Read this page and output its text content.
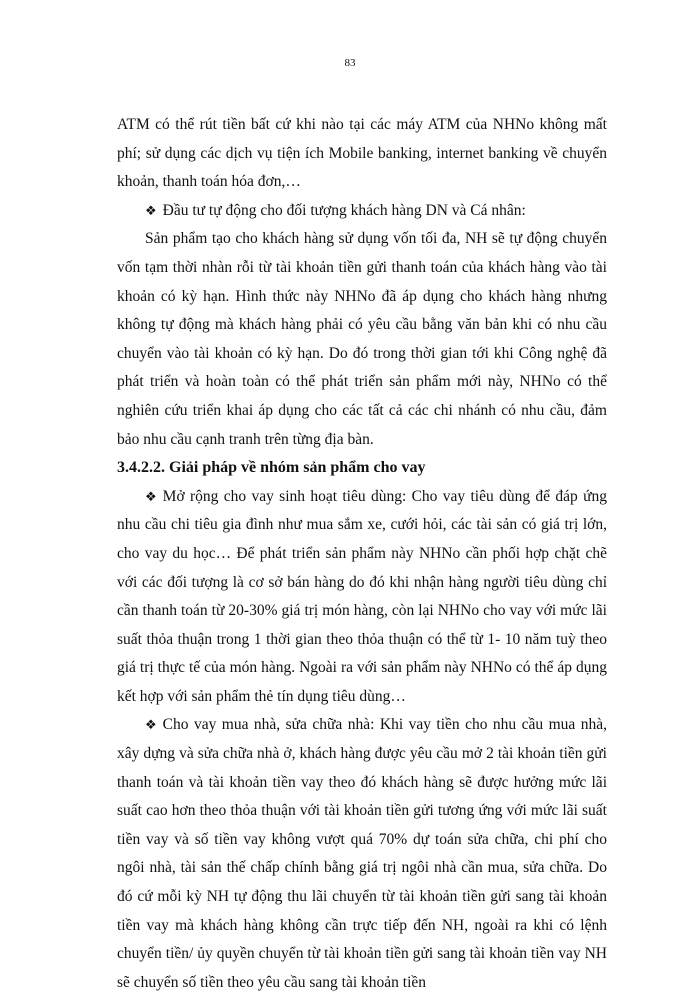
83

ATM có thể rút tiền bất cứ khi nào tại các máy ATM của NHNo không mất phí; sử dụng các dịch vụ tiện ích Mobile banking, internet banking về chuyển khoản, thanh toán hóa đơn,…

❖ Đầu tư tự động cho đối tượng khách hàng DN và Cá nhân:

Sản phẩm tạo cho khách hàng sử dụng vốn tối đa, NH sẽ tự động chuyển vốn tạm thời nhàn rỗi từ tài khoản tiền gửi thanh toán của khách hàng vào tài khoản có kỳ hạn. Hình thức này NHNo đã áp dụng cho khách hàng nhưng không tự động mà khách hàng phải có yêu cầu bằng văn bản khi có nhu cầu chuyển vào tài khoản có kỳ hạn. Do đó trong thời gian tới khi Công nghệ đã phát triển và hoàn toàn có thể phát triển sản phẩm mới này, NHNo có thể nghiên cứu triển khai áp dụng cho các tất cả các chi nhánh có nhu cầu, đảm bảo nhu cầu cạnh tranh trên từng địa bàn.

3.4.2.2. Giải pháp về nhóm sản phẩm cho vay

❖ Mở rộng cho vay sinh hoạt tiêu dùng: Cho vay tiêu dùng để đáp ứng nhu cầu chi tiêu gia đình như mua sắm xe, cưới hỏi, các tài sản có giá trị lớn, cho vay du học… Để phát triển sản phẩm này NHNo cần phối hợp chặt chẽ với các đối tượng là cơ sở bán hàng do đó khi nhận hàng người tiêu dùng chỉ cần thanh toán từ 20-30% giá trị món hàng, còn lại NHNo cho vay với mức lãi suất thỏa thuận trong 1 thời gian theo thỏa thuận có thể từ 1- 10 năm tuỳ theo giá trị thực tế của món hàng. Ngoài ra với sản phẩm này NHNo có thể áp dụng kết hợp với sản phẩm thẻ tín dụng tiêu dùng…

❖ Cho vay mua nhà, sửa chữa nhà: Khi vay tiền cho nhu cầu mua nhà, xây dựng và sửa chữa nhà ở, khách hàng được yêu cầu mở 2 tài khoản tiền gửi thanh toán và tài khoản tiền vay theo đó khách hàng sẽ được hưởng mức lãi suất cao hơn theo thỏa thuận với tài khoản tiền gửi tương ứng với mức lãi suất tiền vay và số tiền vay không vượt quá 70% dự toán sửa chữa, chi phí cho ngôi nhà, tài sản thế chấp chính bằng giá trị ngôi nhà cần mua, sửa chữa. Do đó cứ mỗi kỳ NH tự động thu lãi chuyển từ tài khoản tiền gửi sang tài khoản tiền vay mà khách hàng không cần trực tiếp đến NH, ngoài ra khi có lệnh chuyển tiền/ ủy quyền chuyển từ tài khoản tiền gửi sang tài khoản tiền vay NH sẽ chuyển số tiền theo yêu cầu sang tài khoản tiền
